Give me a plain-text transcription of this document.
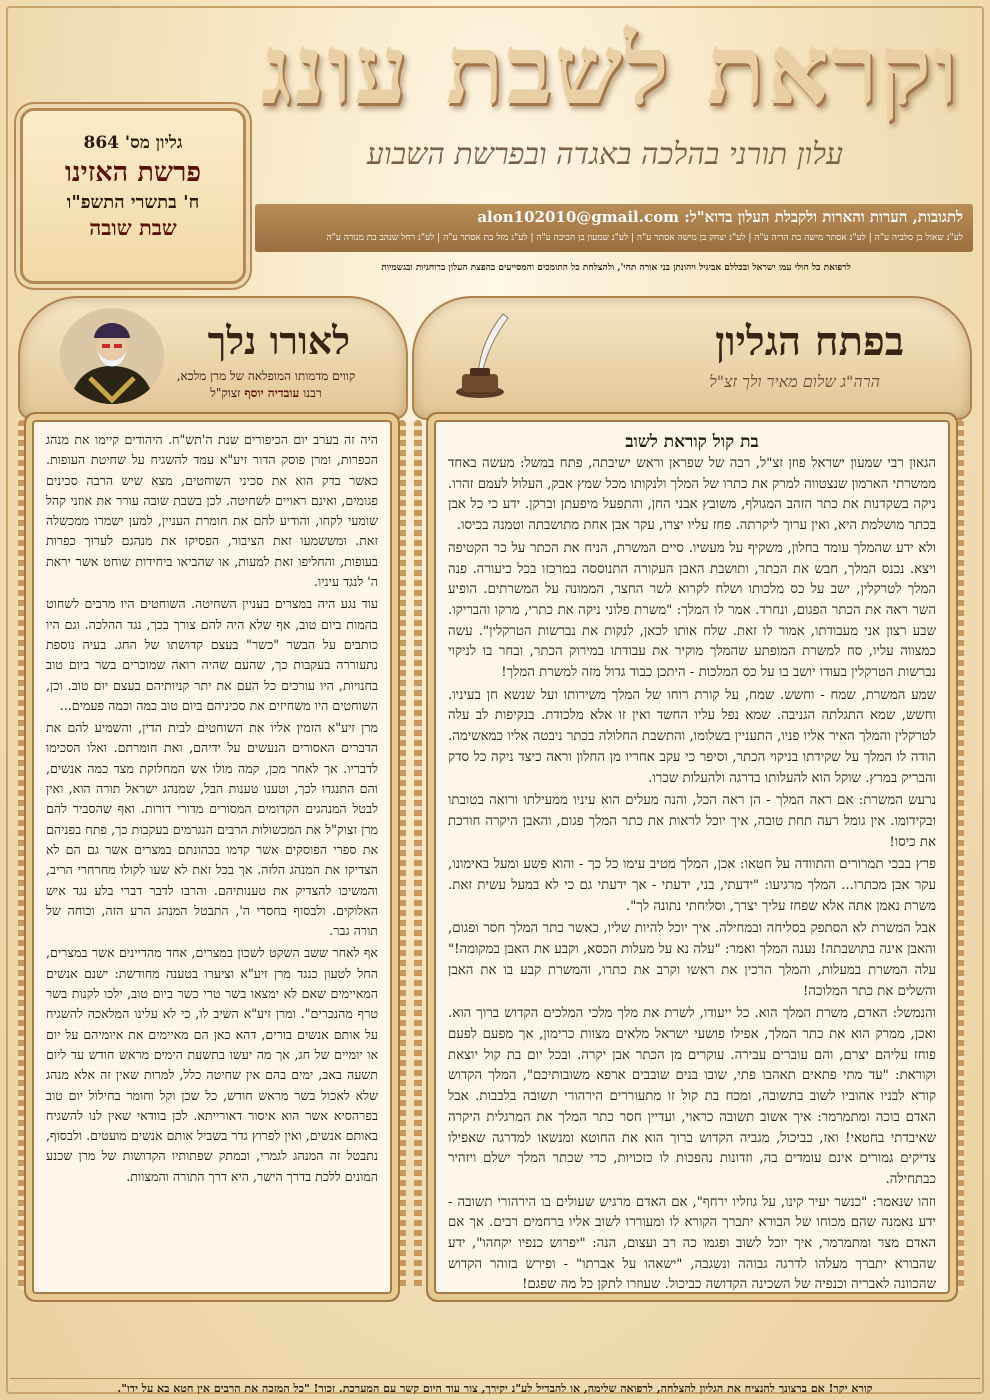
וקראת לשבת עונג
עלון תורני בהלכה באגדה ובפרשת השבוע
גליון מס' 864
פרשת האזינו
ח' בתשרי התשפ"ו
שבת שובה	לתגובות, הערות והארות ולקבלת העלון בדוא"ל: alon102010@gmail.com
לע"נ שאול בן סלביה ע"ה | לע"נ אסתר מישה בת הדיה ע"ה | לע"נ יצחק בן מישה אסתר ע"ה | לע"נ שמעון בן חביבה ע"ה | לע"נ מזל בת אסתר ע"ה | לע"נ רחל שנהב בת מנורה ע"ה
לרפואת כל חולי עמו ישראל ובכללם אביגיל ויהונתן בני אורה תחי', ולהצלחת כל התומכים והמסייעים בהפצת העלון ברוחניות ובגשמיות
בפתח הגליון
הרה"ג שלום מאיר ולך זצ"ל
לאורו נלך
קווים מדמותו המופלאה של מרן מלכא, רבנו עובדיה יוסף זצוק"ל
בת קול קוראת לשוב

הגאון רבי שמעון ישראל פוזן זצ"ל, רבה של שפראן וראש ישיבתה, פתח במשל: מעשה באחד ממשרתי הארמון שנצטווה למרק את כתרו של המלך ולנקותו מכל שמץ אבק, העלול לעמם זהרו. ניקה בשקדנות את כתר הזהב המגולף, משובץ אבני החן, והתפעל מיפעתן וברקן. ידע כי כל אבן בכתר מושלמת היא, ואין ערוך ליקרתה. פחז עליו יצרו, עקר אבן אחת מתושבתה וטמנה בכיסו.

ולא ידע שהמלך עומד בחלון, משקיף על מעשיו. סיים המשרת, הניח את הכתר על כר הקטיפה ויצא. נכנס המלך, חבש את הכתר, ותושבת האבן העקורה התנוססה במרכזו בכל כיעורה. פנה המלך לטרקלין, ישב על כס מלכותו ושלח לקרוא לשר החצר, הממונה על המשרתים. הופיע השר ראה את הכתר הפגום, ונחרד. אמר לו המלך: "משרת פלוני ניקה את כתרי, מרקו והבריקו. שבע רצון אני מעבודתו, אמור לו זאת. שלח אותו לכאן, לנקות את נברשות הטרקלין". עשה כמצווה עליו, סח למשרת המופתע שהמלך מוקיר את עבודתו במירוק הכתר, ובחר בו לניקוי נברשות הטרקלין בעודו יושב בו על כס המלכות - היתכן כבוד גדול מזה למשרת המלך!

שמע המשרת, שמח - וחשש. שמח, על קורת רוחו של המלך משירותו ועל שנשא חן בעיניו. וחשש, שמא התגלתה הגניבה. שמא נפל עליו החשד ואין זו אלא מלכודת. בנקיפות לב עלה לטרקלין והמלך האיר אליו פניו, התעניין בשלומו, והתשבת החלולה בכתר ניבטה אליו כמאשימה. הודה לו המלך על שקידתו בניקוי הכתר, וסיפר כי עקב אחריו מן החלון וראה כיצד ניקה כל סדק והבריק במרץ. שוקל הוא להעלותו בדרגה ולהעלות שכרו.

נרעש המשרת: אם ראה המלך - הן ראה הכל, והנה מעלים הוא עיניו ממעילתו ורואה בטובתו ובקידומו. אין גומל רעה תחת טובה, איך יוכל לראות את כתר המלך פגום, והאבן היקרה חורכת את כיסו!

פרץ בבכי תמרורים והתוודה על חטאו: אכן, המלך מטיב עימו כל כך - והוא פשע ומעל באימונו, עקר אבן מכתרו... המלך מרגיעו: "ידעתי, בני, ידעתי - אך ידעתי גם כי לא במעל עשית זאת. משרת נאמן אתה אלא שפחז עליך יצרך, וסליחתי נתונה לך".

אבל המשרת לא הסתפק בסליחה ובמחילה. איך יוכל להיות שליו, כאשר כתר המלך חסר ופגום, והאבן אינה בתושבתה! נענה המלך ואמר: "עלה נא על מעלות הכסא, וקבע את האבן במקומה!" עלה המשרת במעלות, והמלך הרכין את ראשו וקרב את כתרו, והמשרת קבע בו את האבן והשלים את כתר המלוכה!

והנמשל: האדם, משרת המלך הוא. כל ייעודו, לשרת את מלך מלכי המלכים הקדוש ברוך הוא. ואכן, ממרק הוא את כתר המלך, אפילו פושעי ישראל מלאים מצוות כרימון, אך מפעם לפעם פוחז עליהם יצרם, והם עוברים עבירה. עוקרים מן הכתר אבן יקרה. ובכל יום בת קול יוצאת וקוראת: "עד מתי פתאים תאהבו פתי, שובו בנים שובבים ארפא משובותיכם", המלך הקדוש קורא לבניו אהוביו לשוב בתשובה, ומכח בת קול זו מתעוררים הירהורי תשובה בלבבות. אבל האדם בוכה ומתמרמר: איך אשוב תשובה כראוי, ועדיין חסר כתר המלך את המרגלית היקרה שאיבדתי בחטאי! ואז, כביכול, מגביה הקדוש ברוך הוא את החוטא ומנשאו למדרגה שאפילו צדיקים גמורים אינם עומדים בה, וזדונות נהפכות לו כזכויות, כדי שכתר המלך ישלם ויזהיר כבתחילה.

וזהו שנאמר: "כנשר יעיר קינו, על גוזליו ירחף", אם האדם מרגיש שעולים בו הירהורי תשובה - ידע נאמנה שהם מכוחו של הבורא יתברך הקורא לו ומעוררו לשוב אליו ברחמים רבים. אך אם האדם מצר ומתמרמר, איך יוכל לשוב ופגמו כה רב ועצום, הנה: "יפרוש כנפיו יקחהו", ידע שהבורא יתברך מעלהו לדרגה גבוהה ונשגבה, "ישאהו על אברתו" - ופירש בזוהר הקדוש שהכוונה לאבריה וכנפיה של השכינה הקדושה כביכול. שעוזרו לתקן כל מה שפגם!

היה זה בערב יום הכיפורים שנת ה'תש"ח. היהודים קיימו את מנהג הכפרות, ומרן פוסק הדור זיע"א עמד להשגיח על שחיטת העופות. כאשר בדק הוא את סכיני השוחטים, מצא שיש הרבה סכינים פגומים, ואינם ראויים לשחיטה. לכן בשבת שובה עורר את אוזני קהל שומעי לקחו, והודיע להם את חומרת העניין, למען ישמרו ממכשלה זאת. ומששמעו זאת הציבור, הפסיקו את מנהגם לערוך כפרות בעופות, והחליפו זאת למעות, או שהביאו ביחידות שוחט אשר יראת ה' לנגד עיניו.

עוד נגע היה במצרים בעניין השחיטה. השוחטים היו מרבים לשחוט בהמות ביום טוב, אף שלא היה להם צורך בכך, נגד ההלכה. וגם היו כותבים על הבשר "כשר" בעצם קדושתו של החג. בעיה נוספת נתעוררה בעקבות כך, שהעם שהיה רואה שמוכרים בשר ביום טוב בחנויות, היו עורכים כל העם את יתר קניותיהם בעצם יום טוב. וכן, השוחטים היו משחיזים את סכיניהם ביום טוב כמה וכמה פעמים...

מרן זיע"א הזמין אליו את השוחטים לבית הדין, והשמיע להם את הדברים האסורים הנעשים על ידיהם, ואת חומרתם. ואלו הסכימו לדבריו. אך לאחר מכן, קמה מולו אש המחלוקת מצד כמה אנשים, והם התנגדו לכך, וטענו טענות הבל, שמנהג ישראל תורה הוא, ואין לבטל המנהגים הקדומים המסורים מדורי דורות. ואף שהסביר להם מרן זצוק"ל את המכשולות הרבים הנגרמים בעקבות כך, פתח בפניהם את ספרי הפוסקים אשר קדמו בכהונתם במצרים אשר גם הם לא הצדיקו את המנהג הלזה. אך בכל זאת לא שעו לקולו מחרחרי הריב, והמשיכו להצדיק את טענותיהם. והרבו לדבר דברי בלע נגד איש האלוקים. ולבסוף בחסדי ה', התבטל המנהג הרע הזה, וכוחה של תורה גבר.

אף לאחר ששב השקט לשכון במצרים, אחד מהדיינים אשר במצרים, החל לטעון כנגד מרן זיע"א וציערו בטענה מחודשת: ישנם אנשים המאיימים שאם לא ימצאו בשר טרי כשר ביום טוב, ילכו לקנות בשר טרף מהנכרים". ומרן זיע"א השיב לו, כי לא עלינו המלאכה להשגיח על אותם אנשים בורים, דהא כאן הם מאיימים את איומיהם על יום או יומיים של חג, אך מה יעשו בתשעת הימים מראש חודש עד ליום תשעה באב, ימים בהם אין שחיטה כלל, למרות שאין זה אלא מנהג שלא לאכול בשר מראש חודש, כל שכן וקל וחומר בחילול יום טוב בפרהסיא אשר הוא איסור דאורייתא. לכן בוודאי שאין לנו להשגיח באותם אנשים, ואין לפרוץ גדר בשביל אותם אנשים מועטים. ולבסוף, נתבטל זה המנהג לגמרי, ובמתק שפתותיו הקדושות של מרן שכנע המונים ללכת בדרך הישר, היא דרך התורה והמצוות.

קורא יקר! אם ברצונך להנציח את הגליון להצלחה, לרפואה שלימה, או להבדיל לע"נ יקירך, צור עוד היום קשר עם המערכת. זכור! "כל המזכה את הרבים אין חטא בא על ידו".
